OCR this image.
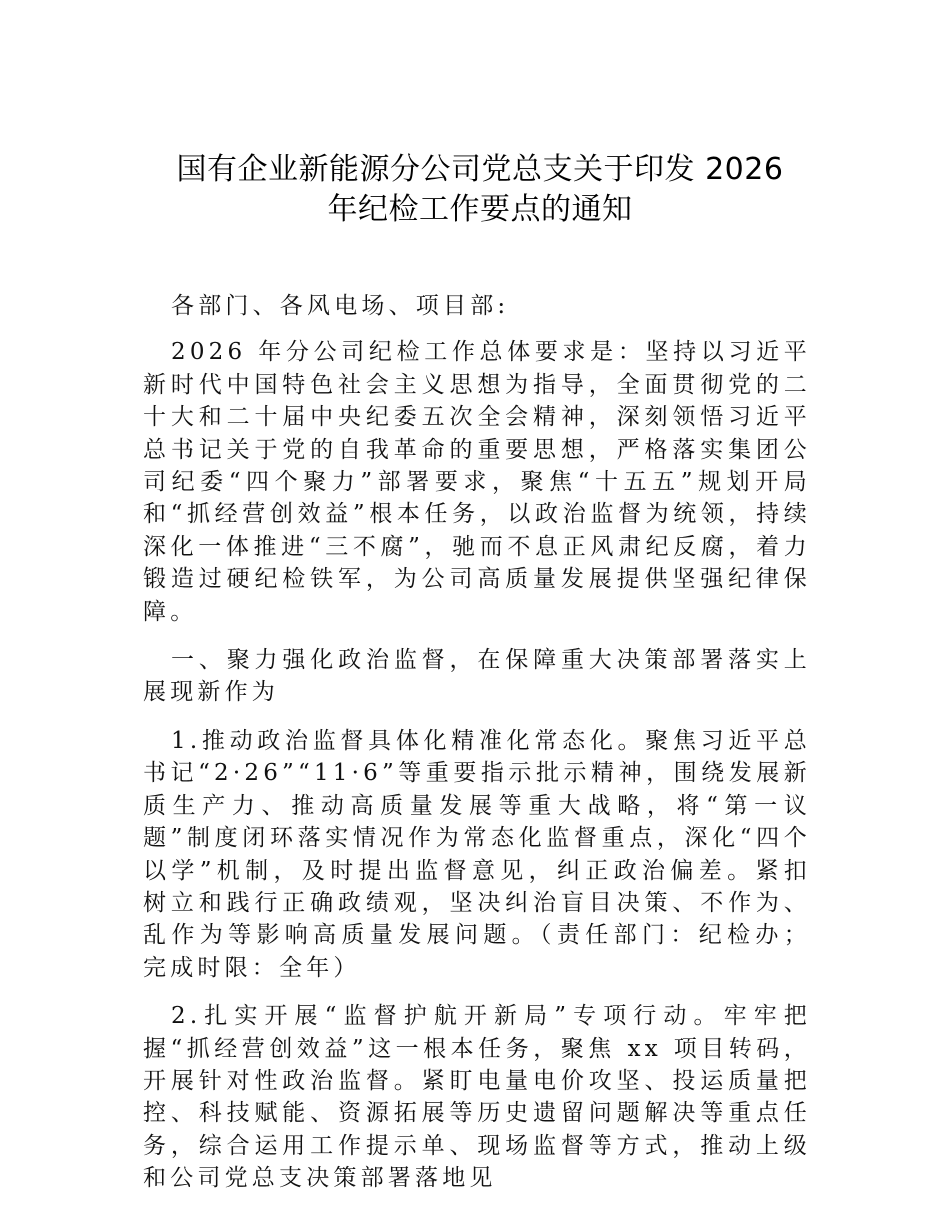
国有企业新能源分公司党总支关于印发 2026
年纪检工作要点的通知

各部门、各风电场、项目部:

2026 年分公司纪检工作总体要求是：坚持以习近平新时代中国特色社会主义思想为指导，全面贯彻党的二十大和二十届中央纪委五次全会精神，深刻领悟习近平总书记关于党的自我革命的重要思想，严格落实集团公司纪委“四个聚力”部署要求，聚焦“十五五”规划开局和“抓经营创效益”根本任务，以政治监督为统领，持续深化一体推进“三不腐”，驰而不息正风肃纪反腐，着力锻造过硬纪检铁军，为公司高质量发展提供坚强纪律保障。

一、聚力强化政治监督，在保障重大决策部署落实上展现新作为

1.推动政治监督具体化精准化常态化。聚焦习近平总书记“2·26”“11·6”等重要指示批示精神，围绕发展新质生产力、推动高质量发展等重大战略，将“第一议题”制度闭环落实情况作为常态化监督重点，深化“四个以学”机制，及时提出监督意见，纠正政治偏差。紧扣树立和践行正确政绩观，坚决纠治盲目决策、不作为、乱作为等影响高质量发展问题。（责任部门：纪检办；完成时限：全年）

2.扎实开展“监督护航开新局”专项行动。牢牢把握“抓经营创效益”这一根本任务，聚焦 xx 项目转码，开展针对性政治监督。紧盯电量电价攻坚、投运质量把控、科技赋能、资源拓展等历史遗留问题解决等重点任务，综合运用工作提示单、现场监督等方式，推动上级和公司党总支决策部署落地见
